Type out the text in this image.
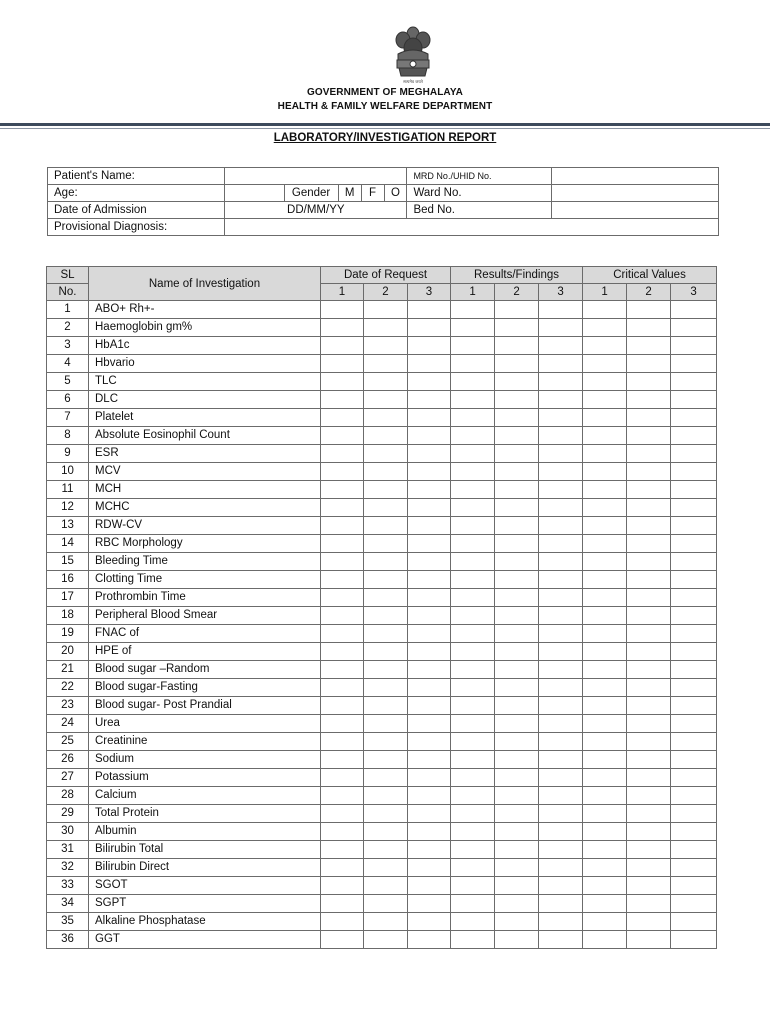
सत्यमेव जयते
GOVERNMENT OF MEGHALAYA
HEALTH & FAMILY WELFARE DEPARTMENT
LABORATORY/INVESTIGATION REPORT
Patient's Name:						MRD No./UHID No.	
Age:		Gender	M	F	O	Ward No.	
Date of Admission	DD/MM/YY					Bed No.	
Provisional Diagnosis:							
SL	Name of Investigation	Date of Request			Results/Findings			Critical Values		
No.		1	2	3	1	2	3	1	2	3
1	ABO+ Rh+-									
2	Haemoglobin gm%									
3	HbA1c									
4	Hbvario									
5	TLC									
6	DLC									
7	Platelet									
8	Absolute Eosinophil Count									
9	ESR									
10	MCV									
11	MCH									
12	MCHC									
13	RDW-CV									
14	RBC Morphology									
15	Bleeding Time									
16	Clotting Time									
17	Prothrombin Time									
18	Peripheral Blood Smear									
19	FNAC of									
20	HPE of									
21	Blood sugar –Random									
22	Blood sugar-Fasting									
23	Blood sugar- Post Prandial									
24	Urea									
25	Creatinine									
26	Sodium									
27	Potassium									
28	Calcium									
29	Total Protein									
30	Albumin									
31	Bilirubin Total									
32	Bilirubin Direct									
33	SGOT									
34	SGPT									
35	Alkaline Phosphatase									
36	GGT									
